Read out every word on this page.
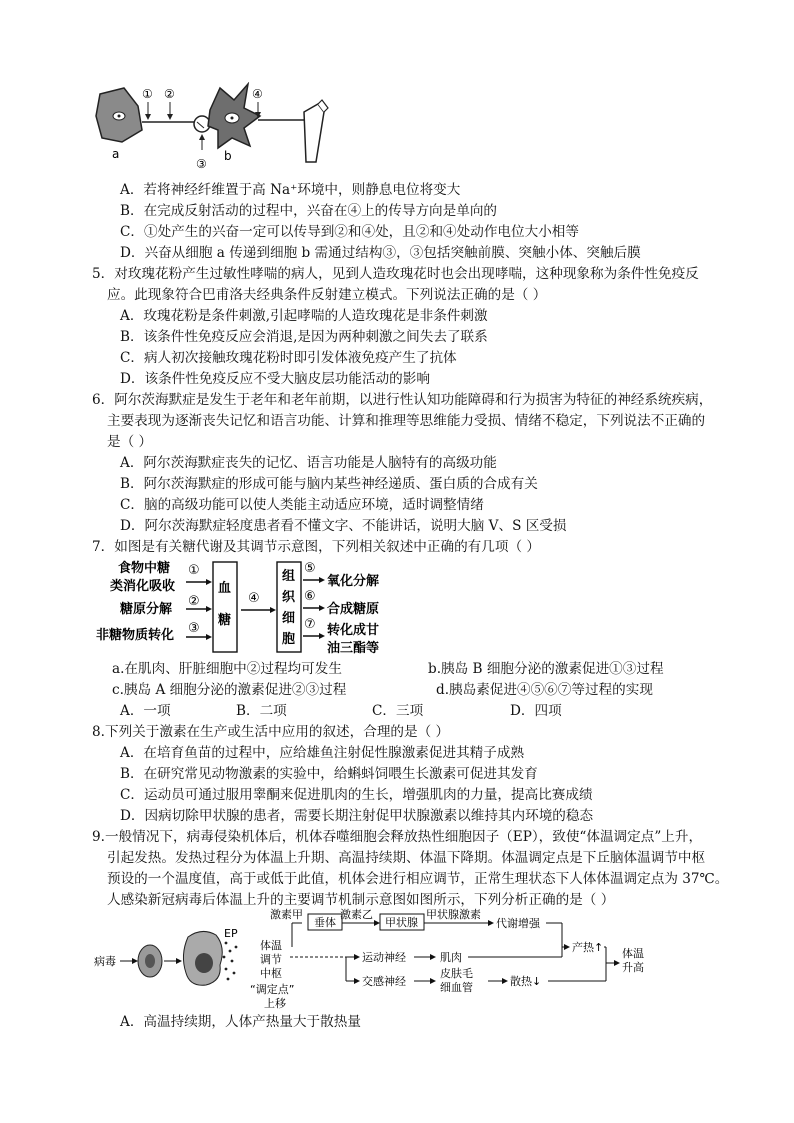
① ②	④
③
a	b
A．若将神经纤维置于高 Na⁺环境中，则静息电位将变大
B．在完成反射活动的过程中，兴奋在④上的传导方向是单向的
C．①处产生的兴奋一定可以传导到②和④处，且②和④处动作电位大小相等
D．兴奋从细胞 a 传递到细胞 b 需通过结构③，③包括突触前膜、突触小体、突触后膜
5．对玫瑰花粉产生过敏性哮喘的病人，见到人造玫瑰花时也会出现哮喘，这种现象称为条件性免疫反
应。此现象符合巴甫洛夫经典条件反射建立模式。下列说法正确的是（ ）
A．玫瑰花粉是条件刺激,引起哮喘的人造玫瑰花是非条件刺激
B．该条件性免疫反应会消退,是因为两种刺激之间失去了联系
C．病人初次接触玫瑰花粉时即引发体液免疫产生了抗体
D．该条件性免疫反应不受大脑皮层功能活动的影响
6．阿尔茨海默症是发生于老年和老年前期，以进行性认知功能障碍和行为损害为特征的神经系统疾病，
主要表现为逐渐丧失记忆和语言功能、计算和推理等思维能力受损、情绪不稳定，下列说法不正确的
是（ ）
A．阿尔茨海默症丧失的记忆、语言功能是人脑特有的高级功能
B．阿尔茨海默症的形成可能与脑内某些神经递质、蛋白质的合成有关
C．脑的高级功能可以使人类能主动适应环境，适时调整情绪
D．阿尔茨海默症轻度患者看不懂文字、不能讲话，说明大脑 V、S 区受损
7．如图是有关糖代谢及其调节示意图，下列相关叙述中正确的有几项（ ）
食物中糖
类消化吸收
糖原分解
非糖物质转化
①
②
③
血
糖
④
组
织
细
胞
⑤
氧化分解
⑥
合成糖原
⑦ 转化成甘
油三酯等
a.在肌肉、肝脏细胞中②过程均可发生	b.胰岛 B 细胞分泌的激素促进①③过程
c.胰岛 A 细胞分泌的激素促进②③过程	d.胰岛素促进④⑤⑥⑦等过程的实现
A．一项	B．二项	C．三项	D．四项
8.下列关于激素在生产或生活中应用的叙述，合理的是（ ）
A．在培育鱼苗的过程中，应给雄鱼注射促性腺激素促进其精子成熟
B．在研究常见动物激素的实验中，给蝌蚪饲喂生长激素可促进其发育
C．运动员可通过服用睾酮来促进肌肉的生长，增强肌肉的力量，提高比赛成绩
D．因病切除甲状腺的患者，需要长期注射促甲状腺激素以维持其内环境的稳态
9.一般情况下，病毒侵染机体后，机体吞噬细胞会释放热性细胞因子（EP），致使“体温调定点”上升，
引起发热。发热过程分为体温上升期、高温持续期、体温下降期。体温调定点是下丘脑体温调节中枢
预设的一个温度值，高于或低于此值，机体会进行相应调节，正常生理状态下人体体温调定点为 37℃。
人感染新冠病毒后体温上升的主要调节机制示意图如图所示，下列分析正确的是（ ）
病毒
EP
体温
调节
中枢
“调定点”
上移
激素甲
垂体
激素乙
甲状腺
甲状腺激素
代谢增强
运动神经	肌肉
产热↑
交感神经
皮肤毛
细血管	散热↓
体温
升高
A．高温持续期，人体产热量大于散热量
